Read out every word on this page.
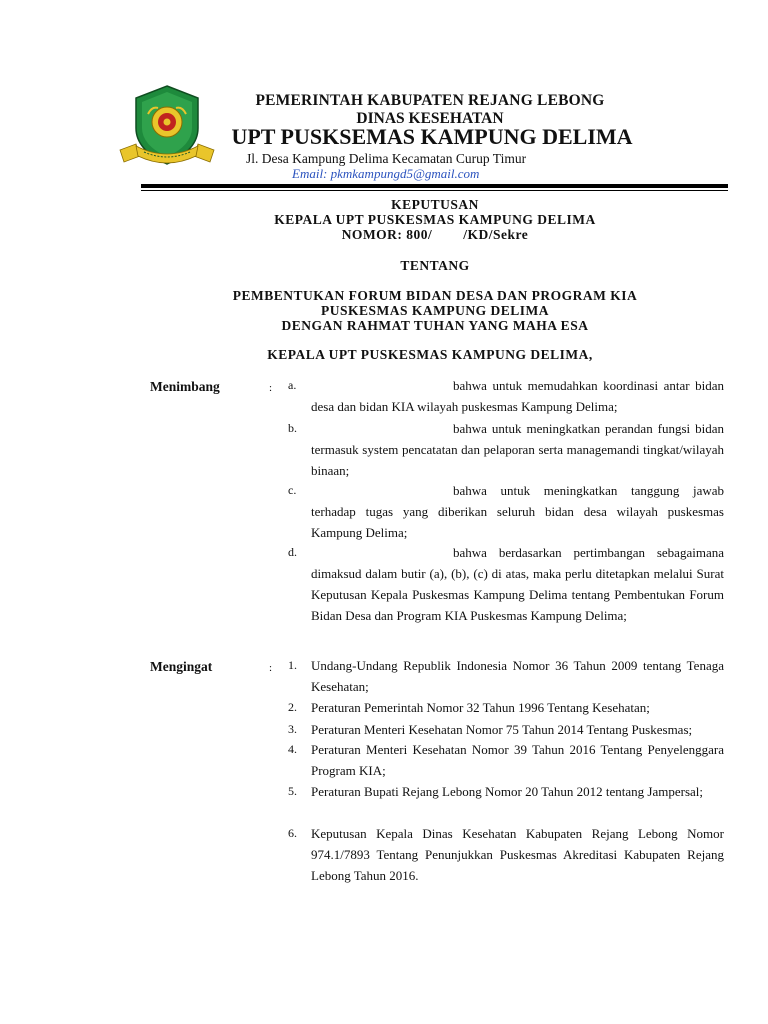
PEMERINTAH KABUPATEN REJANG LEBONG
DINAS KESEHATAN
UPT PUSKSEMAS KAMPUNG DELIMA
Jl. Desa Kampung Delima Kecamatan Curup Timur
Email: pkmkampungd5@gmail.com
KEPUTUSAN
KEPALA UPT PUSKESMAS KAMPUNG DELIMA
NOMOR: 800/        /KD/Sekre
TENTANG
PEMBENTUKAN FORUM BIDAN DESA DAN PROGRAM KIA
PUSKESMAS KAMPUNG DELIMA
DENGAN RAHMAT TUHAN YANG MAHA ESA
KEPALA UPT PUSKESMAS KAMPUNG DELIMA,
Menimbang	: a.	bahwa untuk memudahkan koordinasi antar bidan desa dan bidan KIA wilayah puskesmas Kampung Delima;
b.	bahwa untuk meningkatkan perandan fungsi bidan termasuk system pencatatan dan pelaporan serta managemandi tingkat/wilayah binaan;
c.	bahwa untuk meningkatkan tanggung jawab terhadap tugas yang diberikan seluruh bidan desa wilayah puskesmas Kampung Delima;
d.	bahwa berdasarkan pertimbangan sebagaimana dimaksud dalam butir (a), (b), (c) di atas, maka perlu ditetapkan melalui Surat Keputusan Kepala Puskesmas Kampung Delima tentang Pembentukan Forum Bidan Desa dan Program KIA Puskesmas Kampung Delima;
Mengingat	: 1. Undang-Undang Republik Indonesia Nomor 36 Tahun 2009 tentang Tenaga Kesehatan;
2. Peraturan Pemerintah Nomor 32 Tahun 1996 Tentang Kesehatan;
3. Peraturan Menteri Kesehatan Nomor 75 Tahun 2014 Tentang Puskesmas;
4. Peraturan Menteri Kesehatan Nomor 39 Tahun 2016 Tentang Penyelenggara Program KIA;
5. Peraturan Bupati Rejang Lebong Nomor 20 Tahun 2012 tentang Jampersal;
6. Keputusan Kepala Dinas Kesehatan Kabupaten Rejang Lebong Nomor 974.1/7893 Tentang Penunjukkan Puskesmas Akreditasi Kabupaten Rejang Lebong Tahun 2016.
